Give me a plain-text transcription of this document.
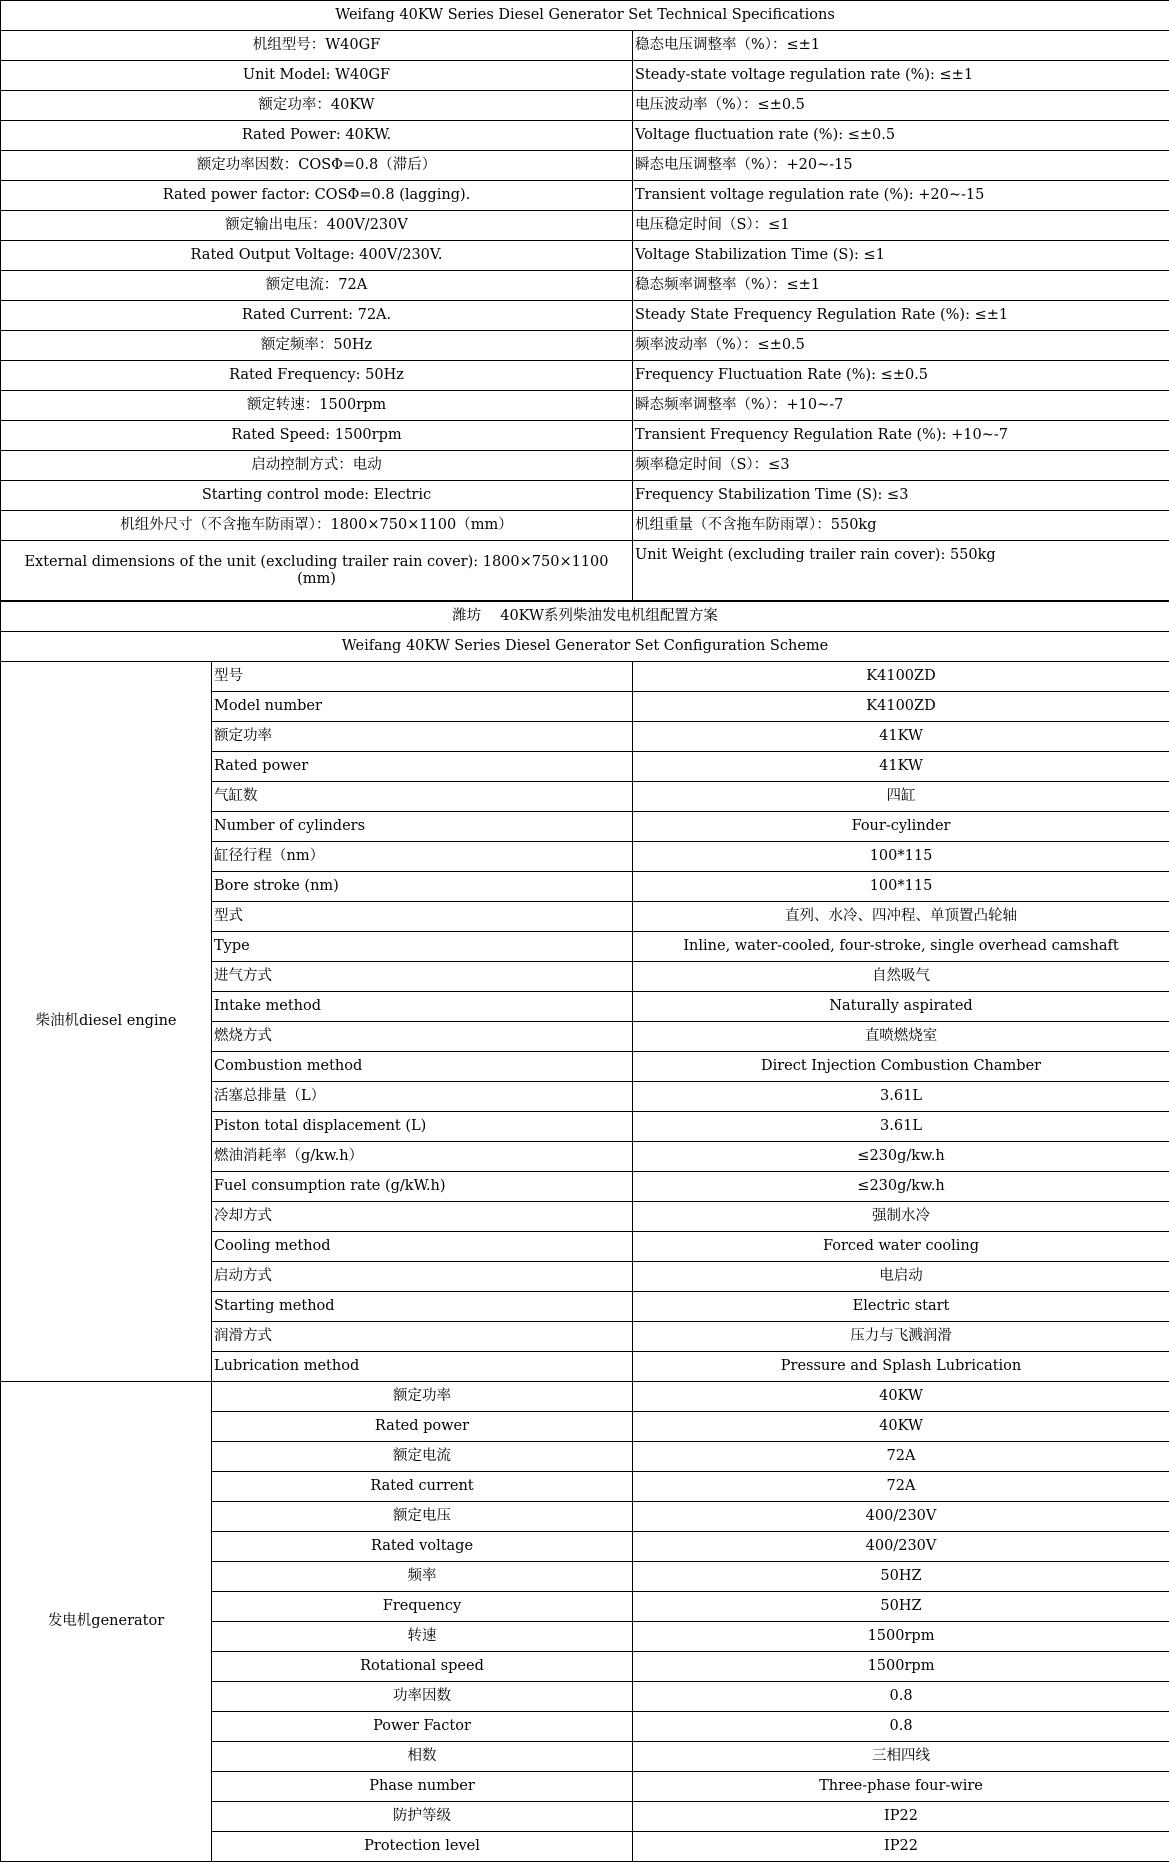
Weifang 40KW Series Diesel Generator Set Technical Specifications	
机组型号：W40GF	稳态电压调整率（%）：≤±1
Unit Model: W40GF	Steady-state voltage regulation rate (%): ≤±1
额定功率：40KW	电压波动率（%）：≤±0.5
Rated Power: 40KW.	Voltage fluctuation rate (%): ≤±0.5
额定功率因数：COSΦ=0.8（滞后）	瞬态电压调整率（%）：+20~-15
Rated power factor: COSΦ=0.8 (lagging).	Transient voltage regulation rate (%): +20~-15
额定输出电压：400V/230V	电压稳定时间（S）：≤1
Rated Output Voltage: 400V/230V.	Voltage Stabilization Time (S): ≤1
额定电流：72A	稳态频率调整率（%）：≤±1
Rated Current: 72A.	Steady State Frequency Regulation Rate (%): ≤±1
额定频率：50Hz	频率波动率（%）：≤±0.5
Rated Frequency: 50Hz	Frequency Fluctuation Rate (%): ≤±0.5
额定转速：1500rpm	瞬态频率调整率（%）：+10~-7
Rated Speed: 1500rpm	Transient Frequency Regulation Rate (%): +10~-7
启动控制方式：电动	频率稳定时间（S）：≤3
Starting control mode: Electric	Frequency Stabilization Time (S): ≤3
机组外尺寸（不含拖车防雨罩）：1800×750×1100（mm）	机组重量（不含拖车防雨罩）：550kg
External dimensions of the unit (excluding trailer rain cover): 1800×750×1100 (mm)	Unit Weight (excluding trailer rain cover): 550kg
潍坊　 40KW系列柴油发电机组配置方案		
Weifang 40KW Series Diesel Generator Set Configuration Scheme		
柴油机diesel engine	型号	K4100ZD
	Model number	K4100ZD
	额定功率	41KW
	Rated power	41KW
	气缸数	四缸
	Number of cylinders	Four-cylinder
	缸径行程（nm）	100*115
	Bore stroke (nm)	100*115
	型式	直列、水冷、四冲程、单顶置凸轮轴
	Type	Inline, water-cooled, four-stroke, single overhead camshaft
	进气方式	自然吸气
	Intake method	Naturally aspirated
	燃烧方式	直喷燃烧室
	Combustion method	Direct Injection Combustion Chamber
	活塞总排量（L）	3.61L
	Piston total displacement (L)	3.61L
	燃油消耗率（g/kw.h）	≤230g/kw.h
	Fuel consumption rate (g/kW.h)	≤230g/kw.h
	冷却方式	强制水冷
	Cooling method	Forced water cooling
	启动方式	电启动
	Starting method	Electric start
	润滑方式	压力与飞溅润滑
	Lubrication method	Pressure and Splash Lubrication
发电机generator	额定功率	40KW
	Rated power	40KW
	额定电流	72A
	Rated current	72A
	额定电压	400/230V
	Rated voltage	400/230V
	频率	50HZ
	Frequency	50HZ
	转速	1500rpm
	Rotational speed	1500rpm
	功率因数	0.8
	Power Factor	0.8
	相数	三相四线
	Phase number	Three-phase four-wire
	防护等级	IP22
	Protection level	IP22
